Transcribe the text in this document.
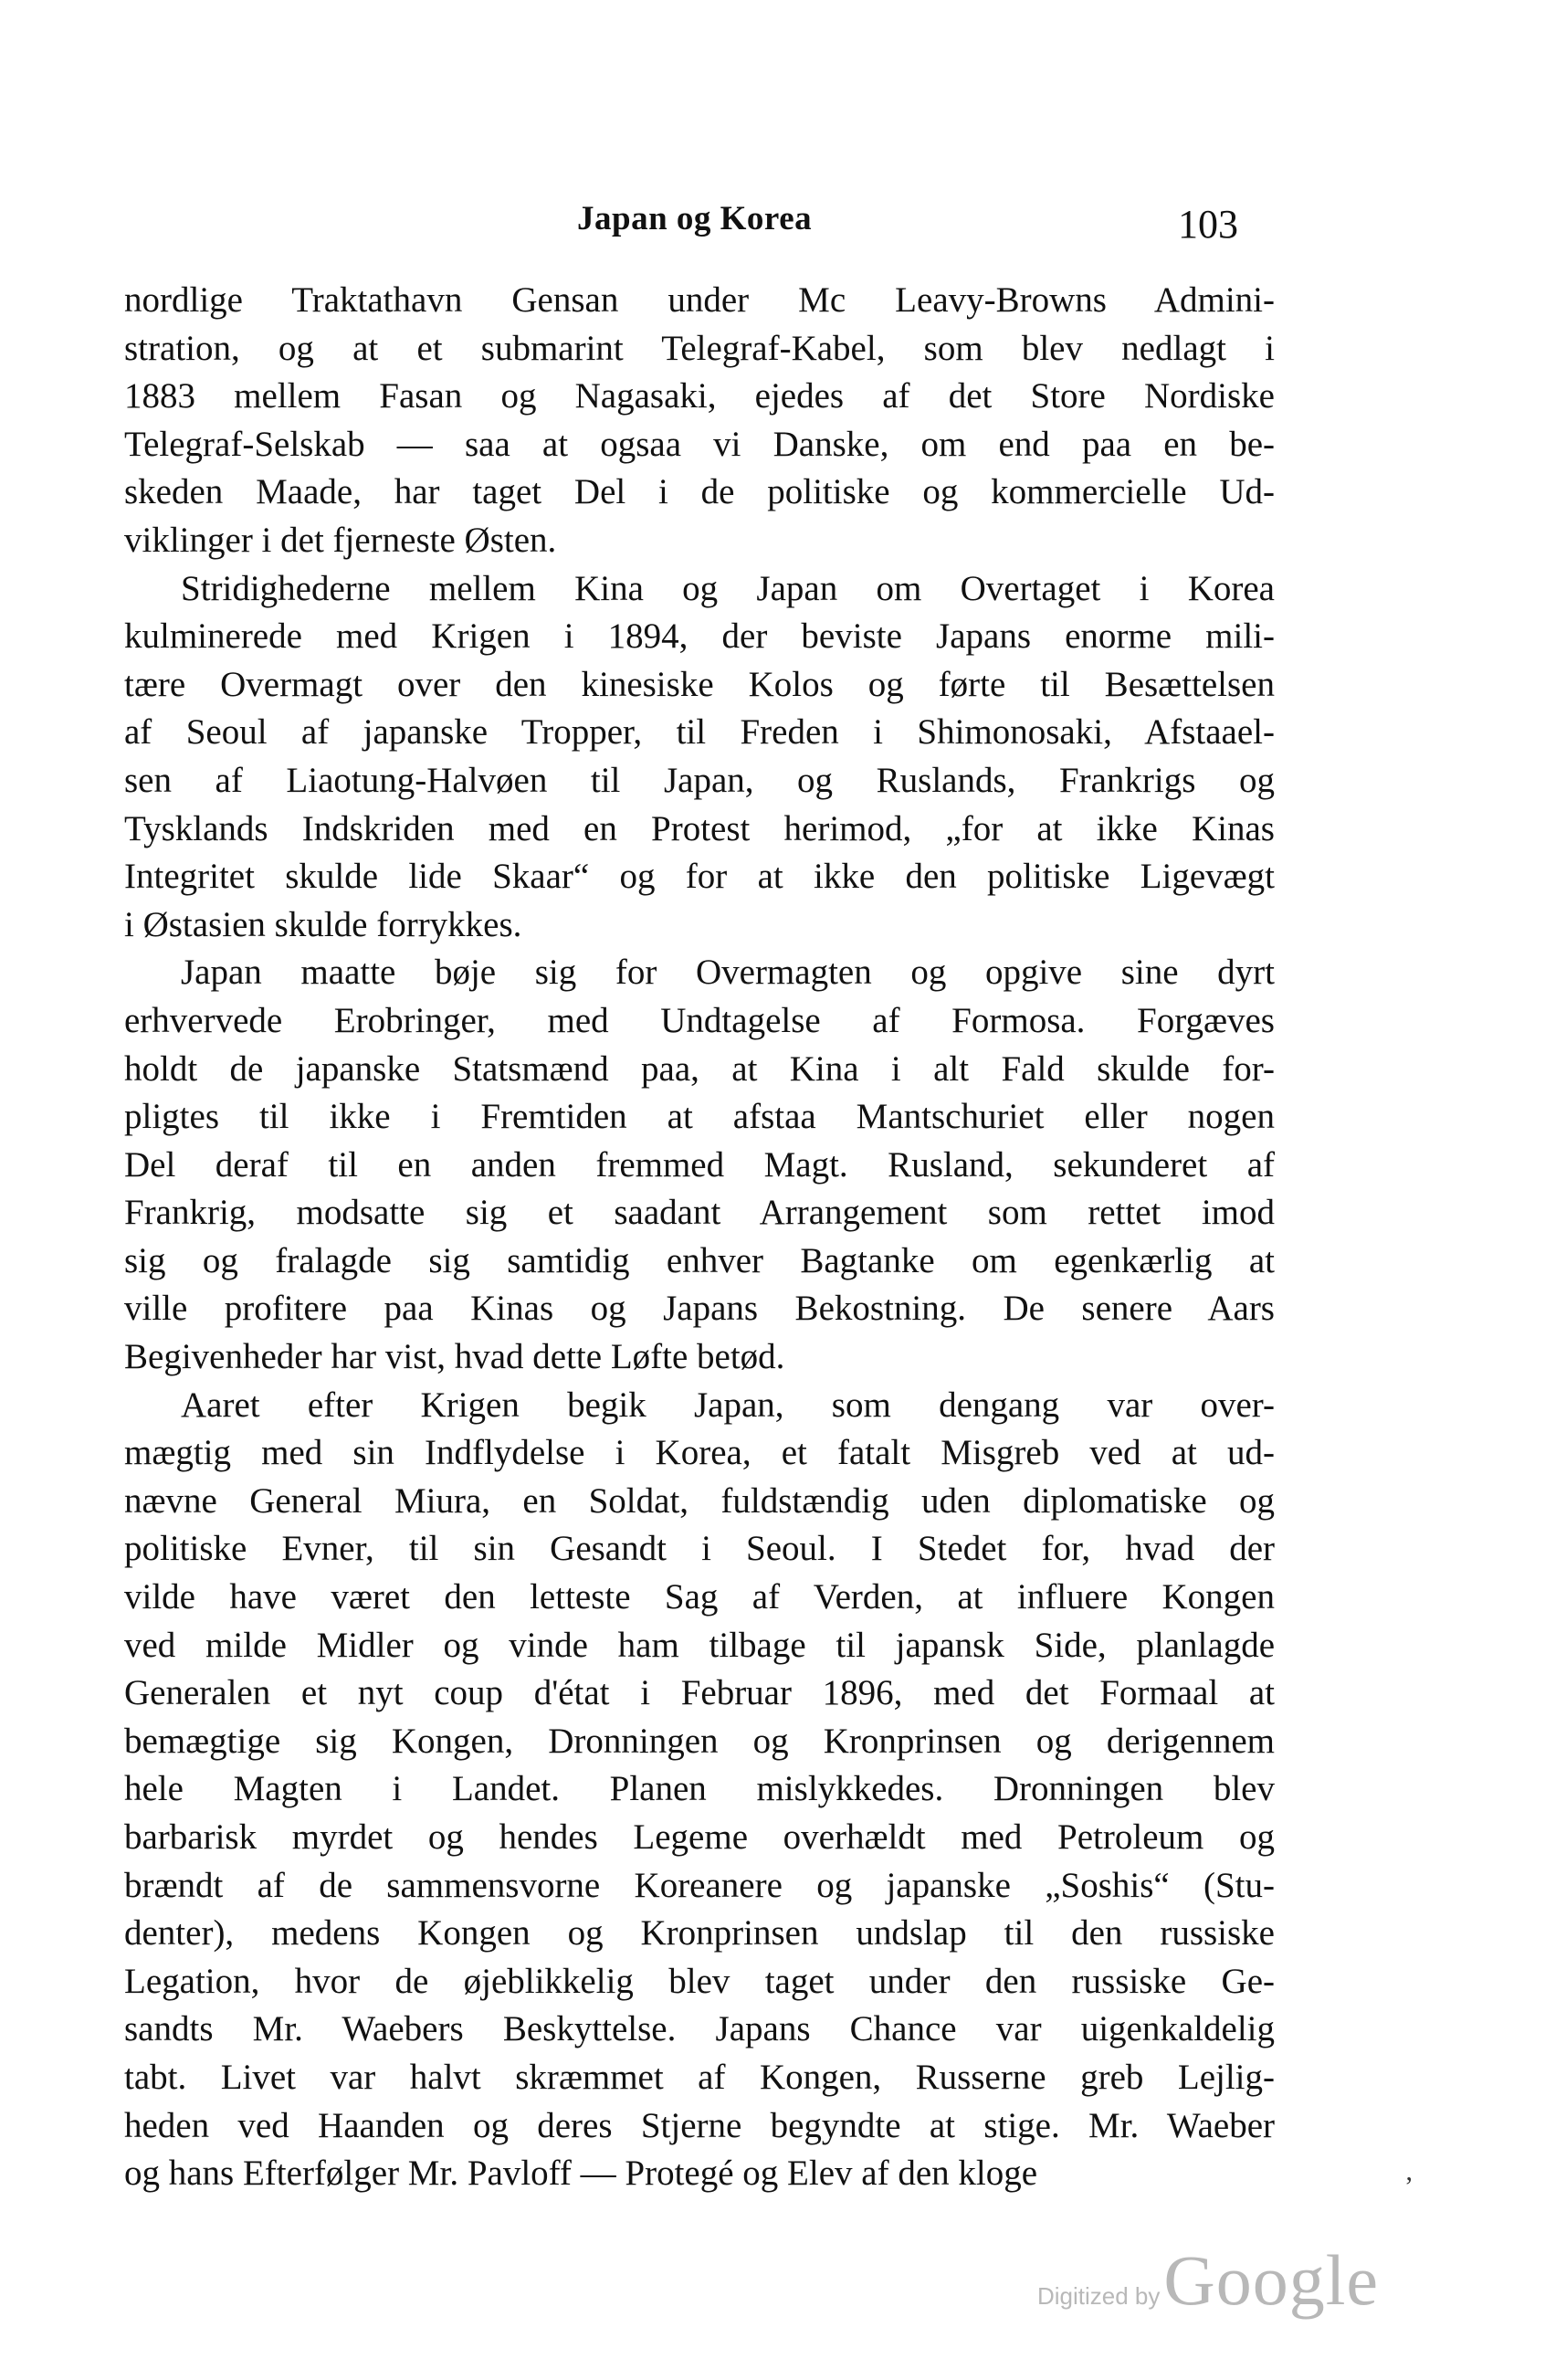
Japan og Korea	103
nordlige Traktathavn Gensan under Mc Leavy-Browns Admini-
stration, og at et submarint Telegraf-Kabel, som blev nedlagt i
1883 mellem Fasan og Nagasaki, ejedes af det Store Nordiske
Telegraf-Selskab — saa at ogsaa vi Danske, om end paa en be-
skeden Maade, har taget Del i de politiske og kommercielle Ud-
viklinger i det fjerneste Østen.
Stridighederne mellem Kina og Japan om Overtaget i Korea
kulminerede med Krigen i 1894, der beviste Japans enorme mili-
tære Overmagt over den kinesiske Kolos og førte til Besættelsen
af Seoul af japanske Tropper, til Freden i Shimonosaki, Afstaael-
sen af Liaotung-Halvøen til Japan, og Ruslands, Frankrigs og
Tysklands Indskriden med en Protest herimod, „for at ikke Kinas
Integritet skulde lide Skaar“ og for at ikke den politiske Ligevægt
i Østasien skulde forrykkes.
Japan maatte bøje sig for Overmagten og opgive sine dyrt
erhvervede Erobringer, med Undtagelse af Formosa. Forgæves
holdt de japanske Statsmænd paa, at Kina i alt Fald skulde for-
pligtes til ikke i Fremtiden at afstaa Mantschuriet eller nogen
Del deraf til en anden fremmed Magt. Rusland, sekunderet af
Frankrig, modsatte sig et saadant Arrangement som rettet imod
sig og fralagde sig samtidig enhver Bagtanke om egenkærlig at
ville profitere paa Kinas og Japans Bekostning. De senere Aars
Begivenheder har vist, hvad dette Løfte betød.
Aaret efter Krigen begik Japan, som dengang var over-
mægtig med sin Indflydelse i Korea, et fatalt Misgreb ved at ud-
nævne General Miura, en Soldat, fuldstændig uden diplomatiske og
politiske Evner, til sin Gesandt i Seoul. I Stedet for, hvad der
vilde have været den letteste Sag af Verden, at influere Kongen
ved milde Midler og vinde ham tilbage til japansk Side, planlagde
Generalen et nyt coup d'état i Februar 1896, med det Formaal at
bemægtige sig Kongen, Dronningen og Kronprinsen og derigennem
hele Magten i Landet. Planen mislykkedes. Dronningen blev
barbarisk myrdet og hendes Legeme overhældt med Petroleum og
brændt af de sammensvorne Koreanere og japanske „Soshis“ (Stu-
denter), medens Kongen og Kronprinsen undslap til den russiske
Legation, hvor de øjeblikkelig blev taget under den russiske Ge-
sandts Mr. Waebers Beskyttelse. Japans Chance var uigenkaldelig
tabt. Livet var halvt skræmmet af Kongen, Russerne greb Lejlig-
heden ved Haanden og deres Stjerne begyndte at stige. Mr. Waeber
og hans Efterfølger Mr. Pavloff — Protegé og Elev af den kloge	ʼ
Digitized by Google
